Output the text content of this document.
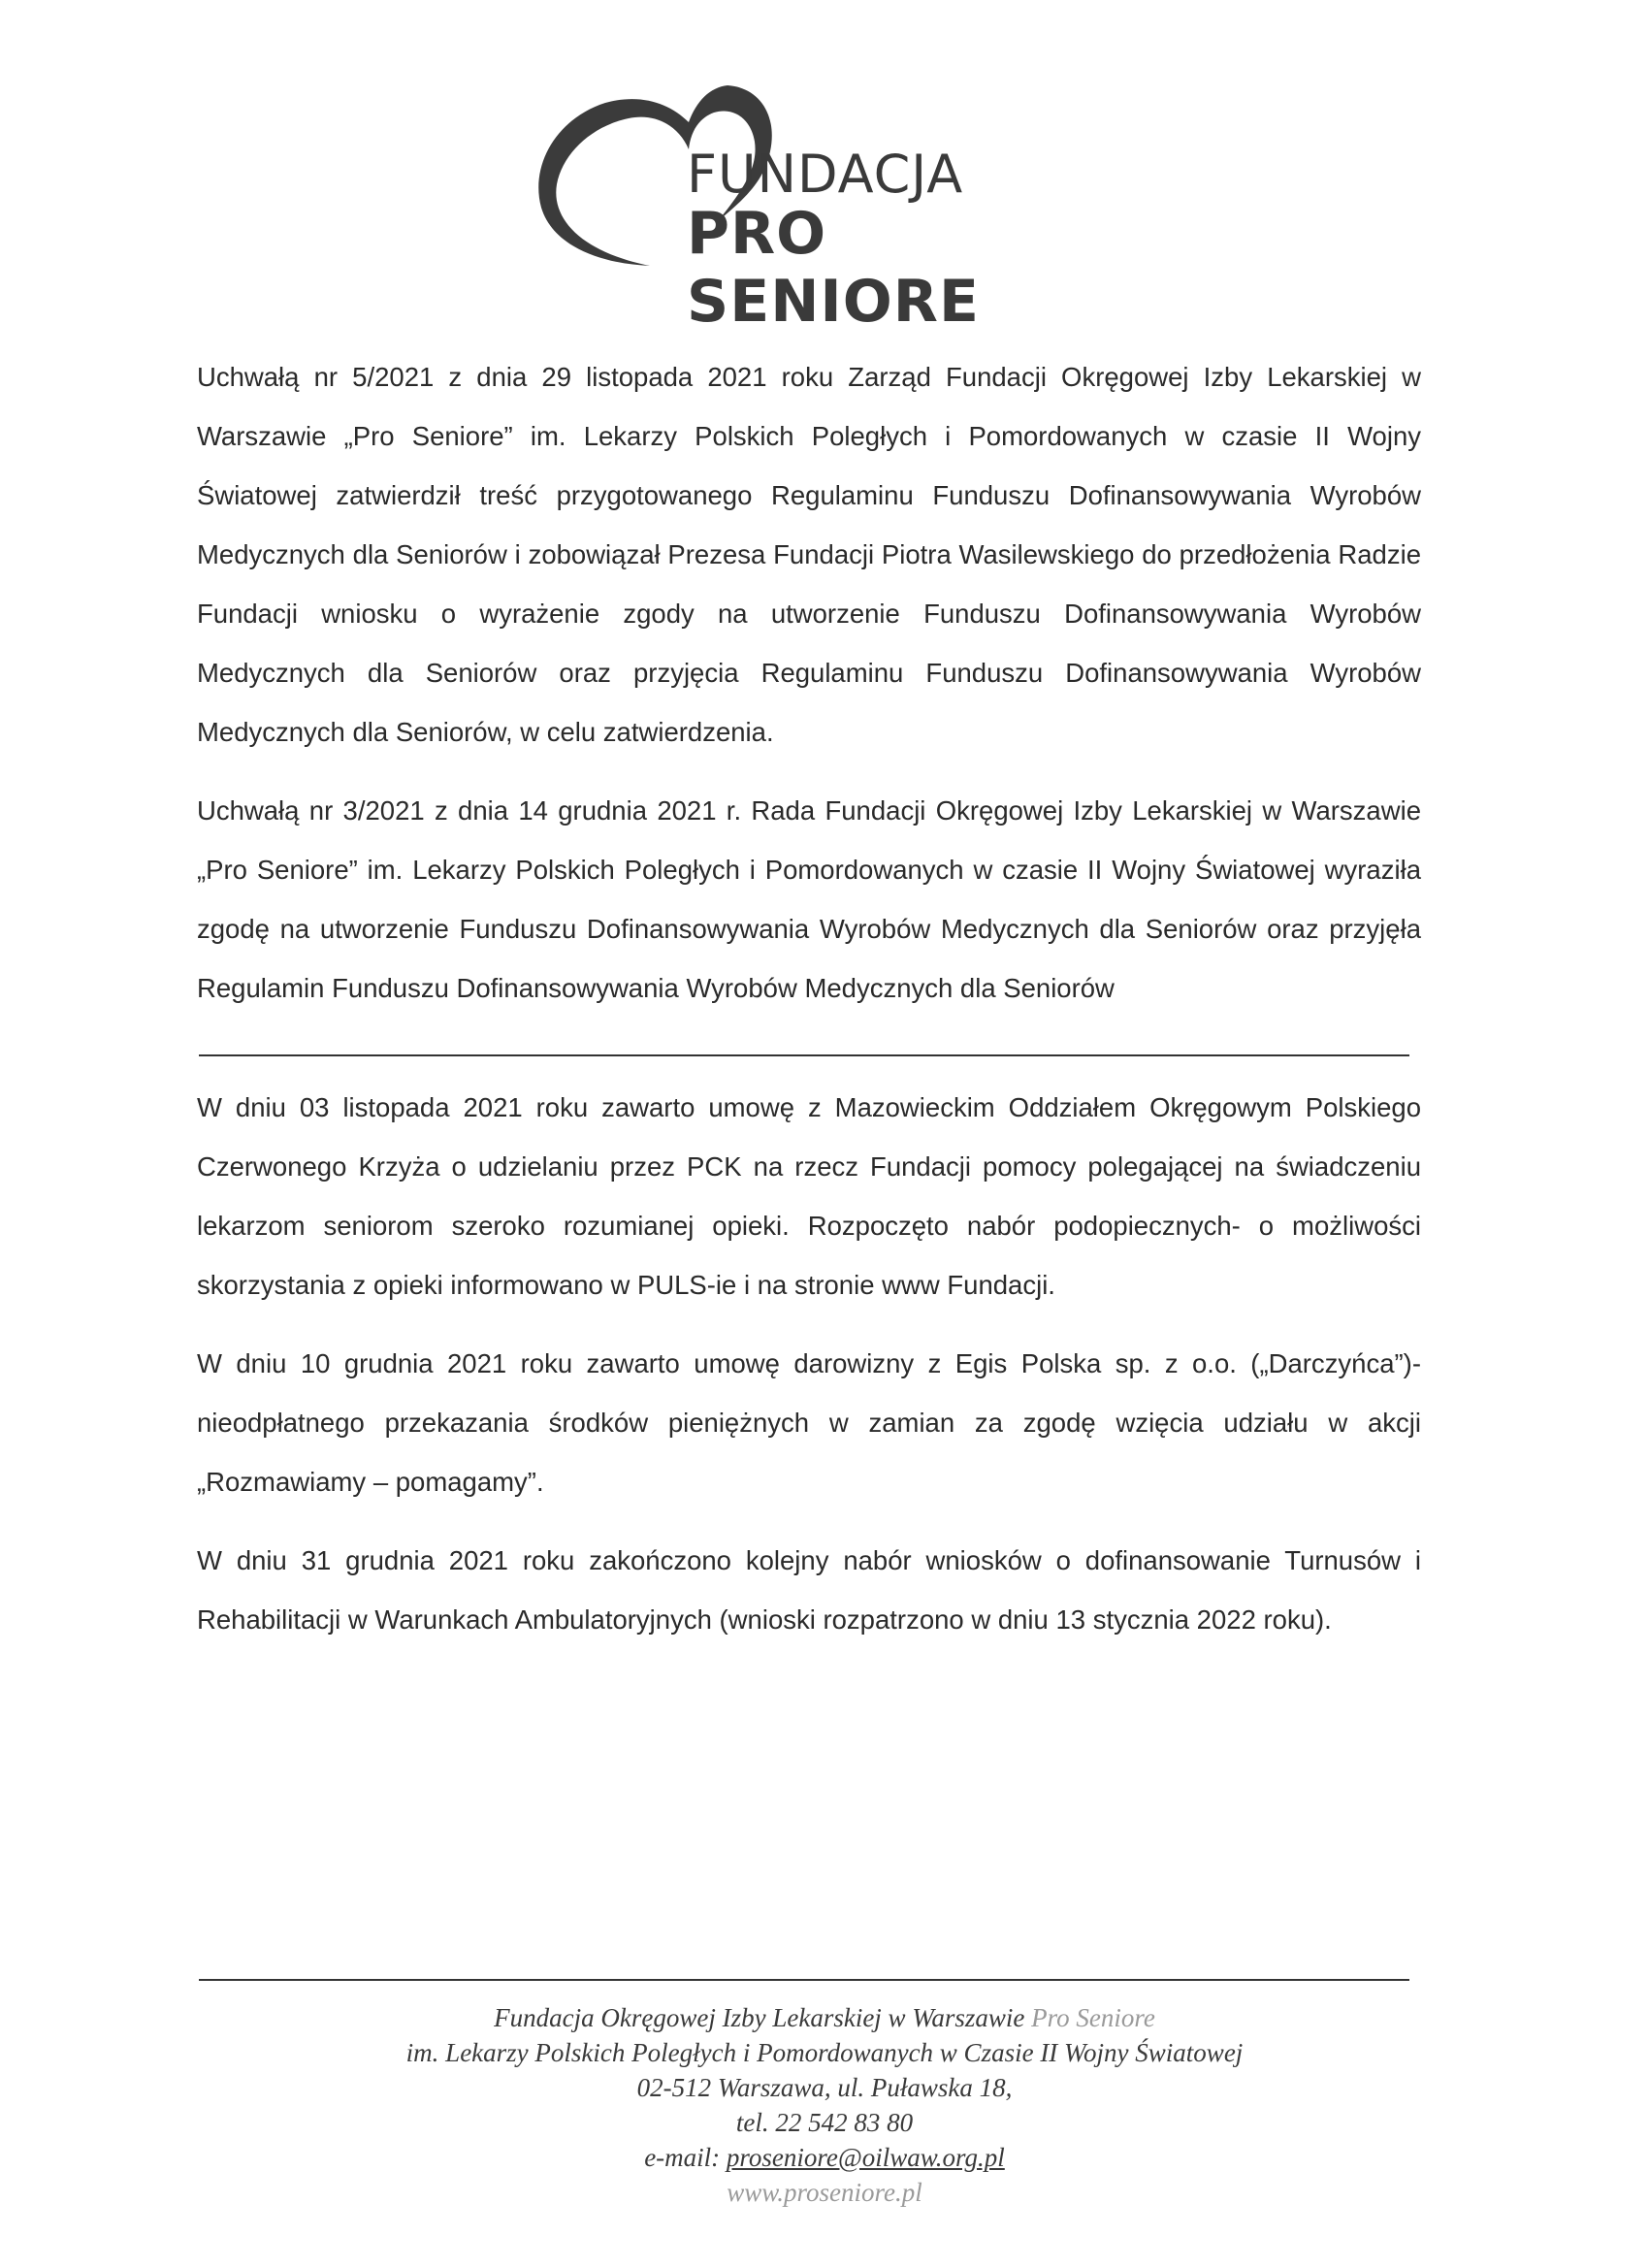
FUNDACJA
PRO SENIORE

Uchwałą nr 5/2021 z dnia 29 listopada 2021 roku Zarząd Fundacji Okręgowej Izby Lekarskiej w Warszawie „Pro Seniore” im. Lekarzy Polskich Poległych i Pomordowanych w czasie II Wojny Światowej zatwierdził treść przygotowanego Regulaminu Funduszu Dofinansowywania Wyrobów Medycznych dla Seniorów i zobowiązał Prezesa Fundacji Piotra Wasilewskiego do przedłożenia Radzie Fundacji wniosku o wyrażenie zgody na utworzenie Funduszu Dofinansowywania Wyrobów Medycznych dla Seniorów oraz przyjęcia Regulaminu Funduszu Dofinansowywania Wyrobów Medycznych dla Seniorów, w celu zatwierdzenia.

Uchwałą nr 3/2021 z dnia 14 grudnia 2021 r. Rada Fundacji Okręgowej Izby Lekarskiej w Warszawie „Pro Seniore” im. Lekarzy Polskich Poległych i Pomordowanych w czasie II Wojny Światowej wyraziła zgodę na utworzenie Funduszu Dofinansowywania Wyrobów Medycznych dla Seniorów oraz przyjęła Regulamin Funduszu Dofinansowywania Wyrobów Medycznych dla Seniorów

W dniu 03 listopada 2021 roku zawarto umowę z Mazowieckim Oddziałem Okręgowym Polskiego Czerwonego Krzyża o udzielaniu przez PCK na rzecz Fundacji pomocy polegającej na świadczeniu lekarzom seniorom szeroko rozumianej opieki. Rozpoczęto nabór podopiecznych- o możliwości skorzystania z opieki informowano w PULS-ie i na stronie www Fundacji.

W dniu 10 grudnia 2021 roku zawarto umowę darowizny z Egis Polska sp. z o.o. („Darczyńca”)- nieodpłatnego przekazania środków pieniężnych w zamian za zgodę wzięcia udziału w akcji „Rozmawiamy – pomagamy”.

W dniu 31 grudnia 2021 roku zakończono kolejny nabór wniosków o dofinansowanie Turnusów i Rehabilitacji w Warunkach Ambulatoryjnych (wnioski rozpatrzono w dniu 13 stycznia 2022 roku).

Fundacja Okręgowej Izby Lekarskiej w Warszawie Pro Seniore
im. Lekarzy Polskich Poległych i Pomordowanych w Czasie II Wojny Światowej
02-512 Warszawa, ul. Puławska 18,
tel. 22 542 83 80
e-mail: proseniore@oilwaw.org.pl
www.proseniore.pl
